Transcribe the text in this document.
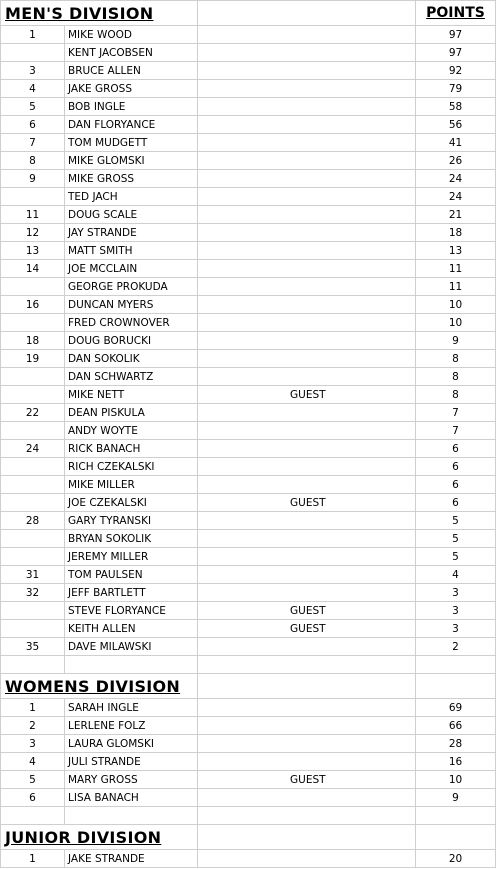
MEN'S DIVISION			POINTS
1	MIKE WOOD		97
	KENT JACOBSEN		97
3	BRUCE ALLEN		92
4	JAKE GROSS		79
5	BOB INGLE		58
6	DAN FLORYANCE		56
7	TOM MUDGETT		41
8	MIKE GLOMSKI		26
9	MIKE GROSS		24
	TED JACH		24
11	DOUG SCALE		21
12	JAY STRANDE		18
13	MATT SMITH		13
14	JOE MCCLAIN		11
	GEORGE PROKUDA		11
16	DUNCAN MYERS		10
	FRED CROWNOVER		10
18	DOUG BORUCKI		9
19	DAN SOKOLIK		8
	DAN SCHWARTZ		8
	MIKE NETT	GUEST	8
22	DEAN PISKULA		7
	ANDY WOYTE		7
24	RICK BANACH		6
	RICH CZEKALSKI		6
	MIKE MILLER		6
	JOE CZEKALSKI	GUEST	6
28	GARY TYRANSKI		5
	BRYAN SOKOLIK		5
	JEREMY MILLER		5
31	TOM PAULSEN		4
32	JEFF BARTLETT		3
	STEVE FLORYANCE	GUEST	3
	KEITH ALLEN	GUEST	3
35	DAVE MILAWSKI		2

WOMENS DIVISION			
1	SARAH INGLE		69
2	LERLENE FOLZ		66
3	LAURA GLOMSKI		28
4	JULI STRANDE		16
5	MARY GROSS	GUEST	10
6	LISA BANACH		9

JUNIOR DIVISION			
1	JAKE STRANDE		20
